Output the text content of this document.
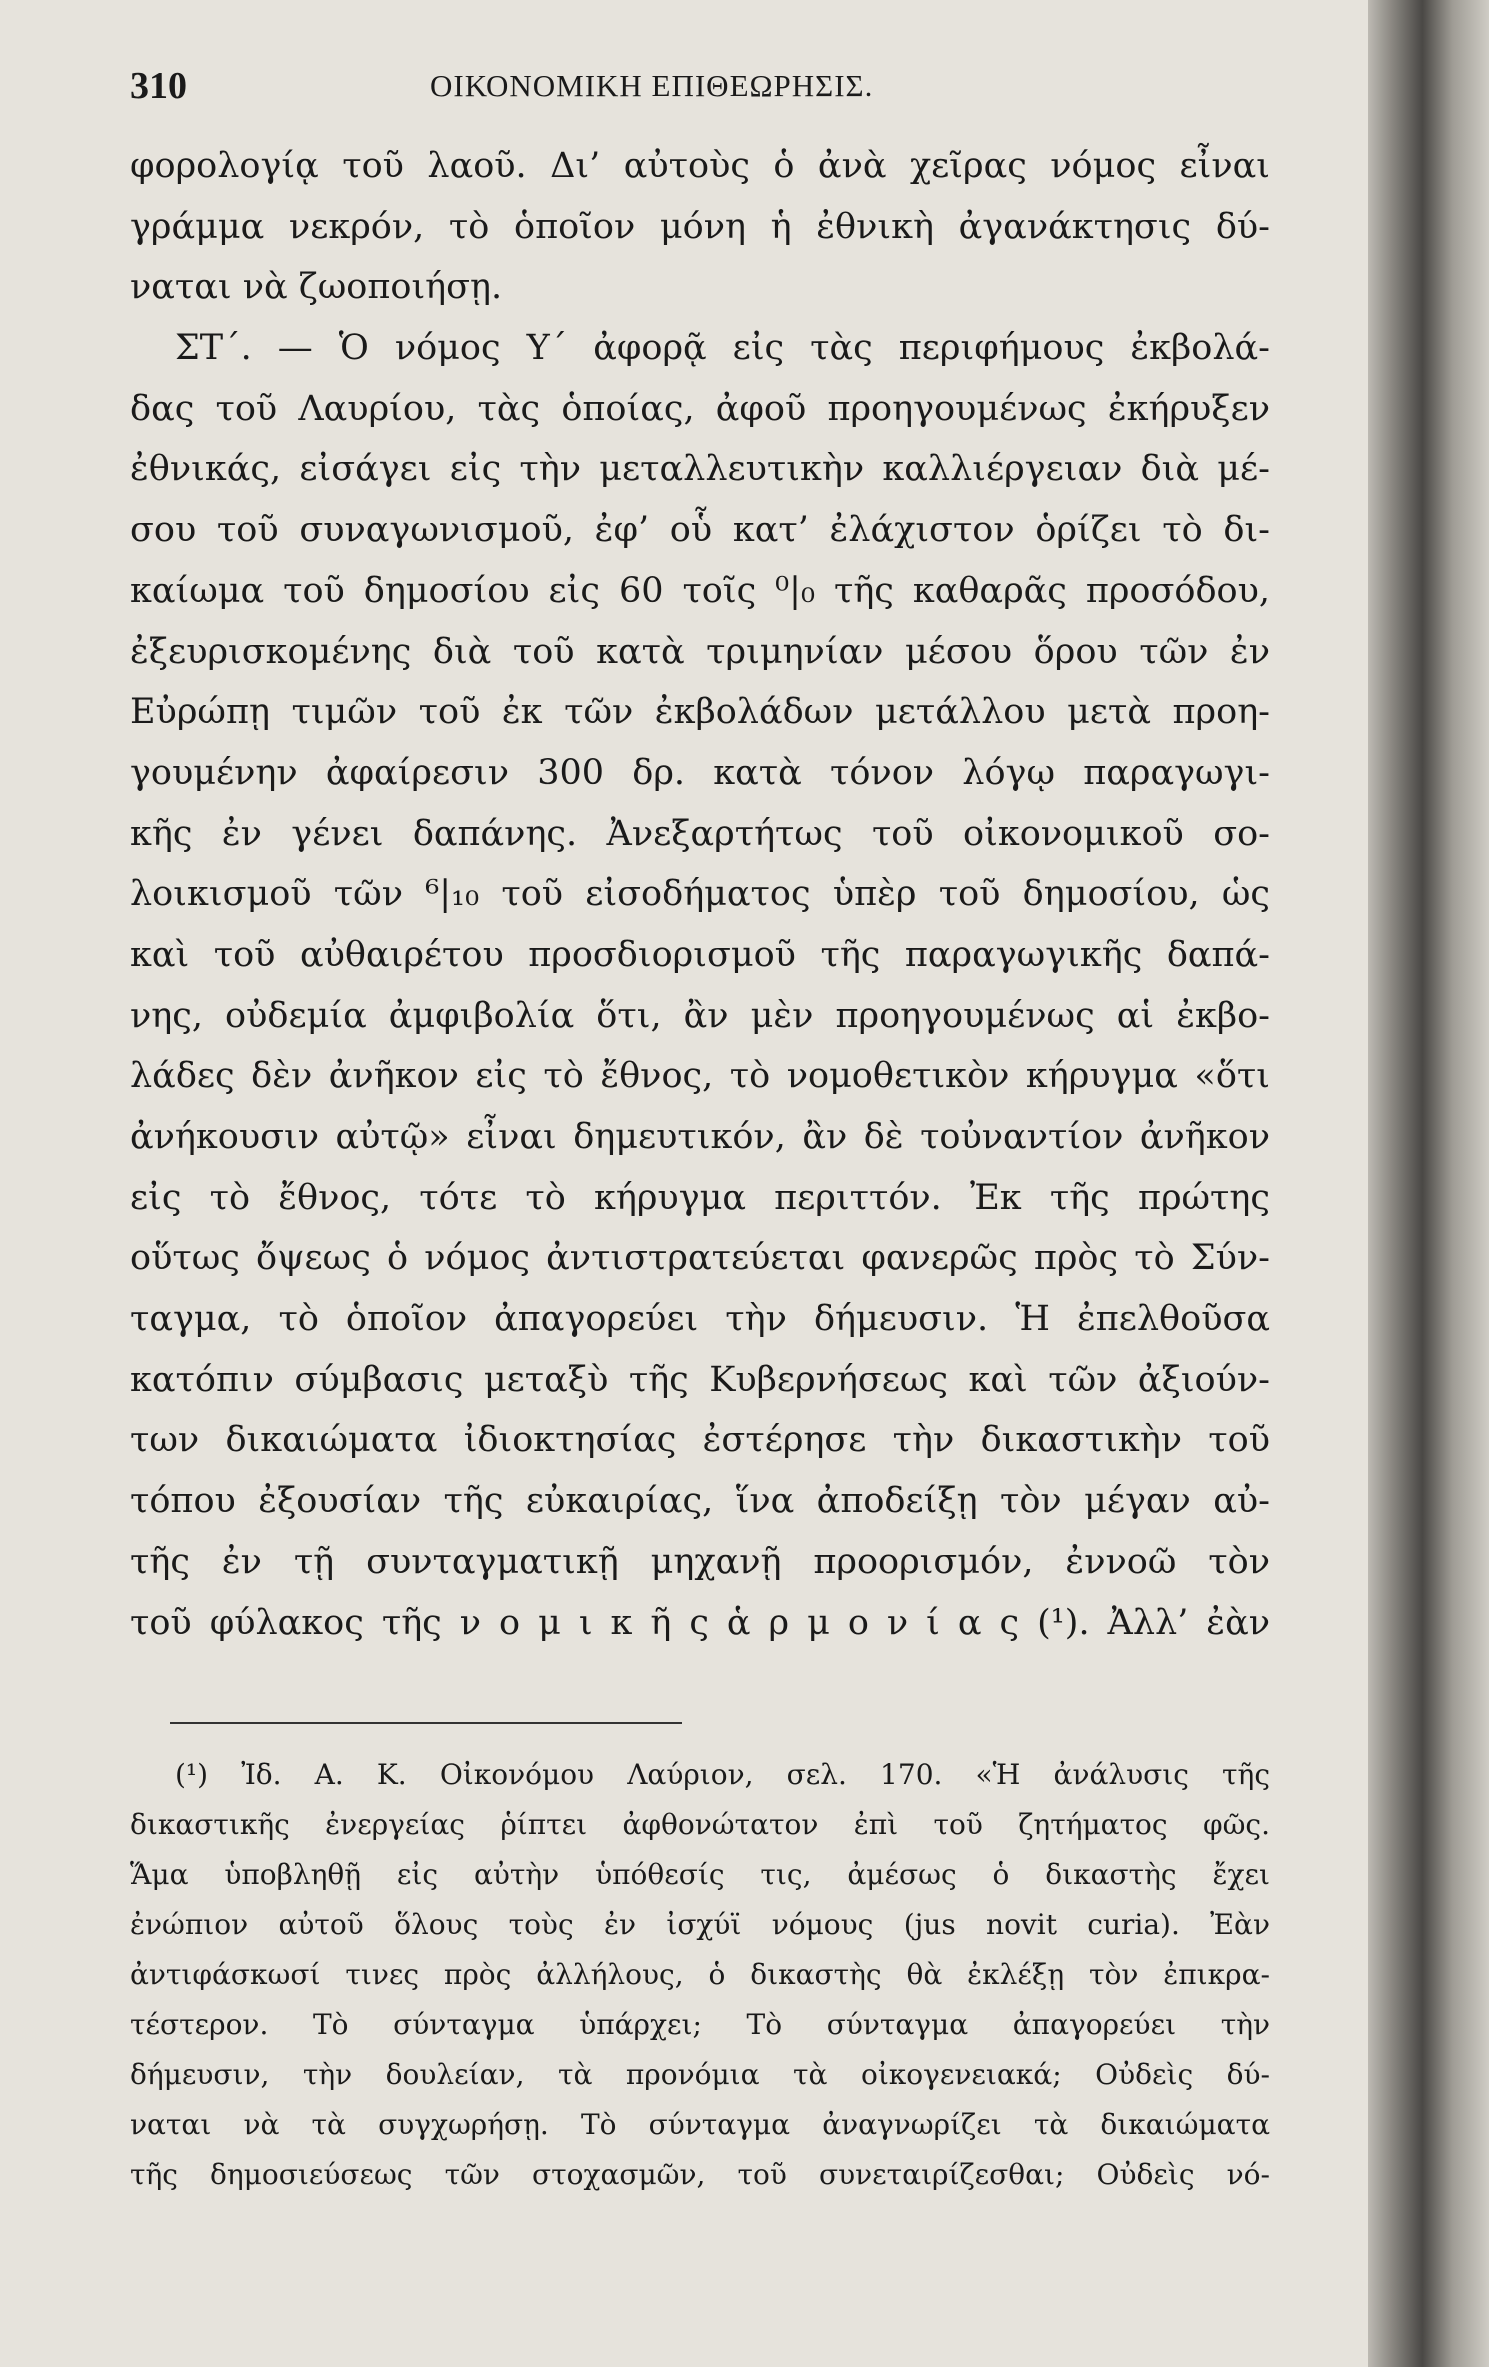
310	ΟΙΚΟΝΟΜΙΚΗ ΕΠΙΘΕΩΡΗΣΙΣ.
φορολογίᾳ τοῦ λαοῦ. Δι’ αὐτοὺς ὁ ἀνὰ χεῖρας νόμος εἶναι
γράμμα νεκρόν, τὸ ὁποῖον μόνη ἡ ἐθνικὴ ἀγανάκτησις δύ-
ναται νὰ ζωοποιήσῃ.
ΣΤ΄. — Ὁ νόμος Υ΄ ἀφορᾷ εἰς τὰς περιφήμους ἐκβολά-
δας τοῦ Λαυρίου, τὰς ὁποίας, ἀφοῦ προηγουμένως ἐκήρυξεν
ἐθνικάς, εἰσάγει εἰς τὴν μεταλλευτικὴν καλλιέργειαν διὰ μέ-
σου τοῦ συναγωνισμοῦ, ἐφ’ οὗ κατ’ ἐλάχιστον ὁρίζει τὸ δι-
καίωμα τοῦ δημοσίου εἰς 60 τοῖς ⁰|₀ τῆς καθαρᾶς προσόδου,
ἐξευρισκομένης διὰ τοῦ κατὰ τριμηνίαν μέσου ὅρου τῶν ἐν
Εὐρώπῃ τιμῶν τοῦ ἐκ τῶν ἐκβολάδων μετάλλου μετὰ προη-
γουμένην ἀφαίρεσιν 300 δρ. κατὰ τόνον λόγῳ παραγωγι-
κῆς ἐν γένει δαπάνης. Ἀνεξαρτήτως τοῦ οἰκονομικοῦ σο-
λοικισμοῦ τῶν ⁶|₁₀ τοῦ εἰσοδήματος ὑπὲρ τοῦ δημοσίου, ὡς
καὶ τοῦ αὐθαιρέτου προσδιορισμοῦ τῆς παραγωγικῆς δαπά-
νης, οὐδεμία ἀμφιβολία ὅτι, ἂν μὲν προηγουμένως αἱ ἐκβο-
λάδες δὲν ἀνῆκον εἰς τὸ ἔθνος, τὸ νομοθετικὸν κήρυγμα «ὅτι
ἀνήκουσιν αὐτῷ» εἶναι δημευτικόν, ἂν δὲ τοὐναντίον ἀνῆκον
εἰς τὸ ἔθνος, τότε τὸ κήρυγμα περιττόν. Ἐκ τῆς πρώτης
οὕτως ὄψεως ὁ νόμος ἀντιστρατεύεται φανερῶς πρὸς τὸ Σύν-
ταγμα, τὸ ὁποῖον ἀπαγορεύει τὴν δήμευσιν. Ἡ ἐπελθοῦσα
κατόπιν σύμβασις μεταξὺ τῆς Κυβερνήσεως καὶ τῶν ἀξιούν-
των δικαιώματα ἰδιοκτησίας ἐστέρησε τὴν δικαστικὴν τοῦ
τόπου ἐξουσίαν τῆς εὐκαιρίας, ἵνα ἀποδείξῃ τὸν μέγαν αὐ-
τῆς ἐν τῇ συνταγματικῇ μηχανῇ προορισμόν, ἐννοῶ τὸν
τοῦ φύλακος τῆς ν ο μ ι κ ῆ ς ἁ ρ μ ο ν ί α ς (¹). Ἀλλ’ ἐὰν
(¹) Ἰδ. Α. Κ. Οἰκονόμου Λαύριον, σελ. 170. «Ἡ ἀνάλυσις τῆς
δικαστικῆς ἐνεργείας ῥίπτει ἀφθονώτατον ἐπὶ τοῦ ζητήματος φῶς.
Ἅμα ὑποβληθῇ εἰς αὐτὴν ὑπόθεσίς τις, ἀμέσως ὁ δικαστὴς ἔχει
ἐνώπιον αὐτοῦ ὅλους τοὺς ἐν ἰσχύϊ νόμους (jus novit curia). Ἐὰν
ἀντιφάσκωσί τινες πρὸς ἀλλήλους, ὁ δικαστὴς θὰ ἐκλέξῃ τὸν ἐπικρα-
τέστερον. Τὸ σύνταγμα ὑπάρχει; Τὸ σύνταγμα ἀπαγορεύει τὴν
δήμευσιν, τὴν δουλείαν, τὰ προνόμια τὰ οἰκογενειακά; Οὐδεὶς δύ-
ναται νὰ τὰ συγχωρήσῃ. Τὸ σύνταγμα ἀναγνωρίζει τὰ δικαιώματα
τῆς δημοσιεύσεως τῶν στοχασμῶν, τοῦ συνεταιρίζεσθαι; Οὐδεὶς νό-
